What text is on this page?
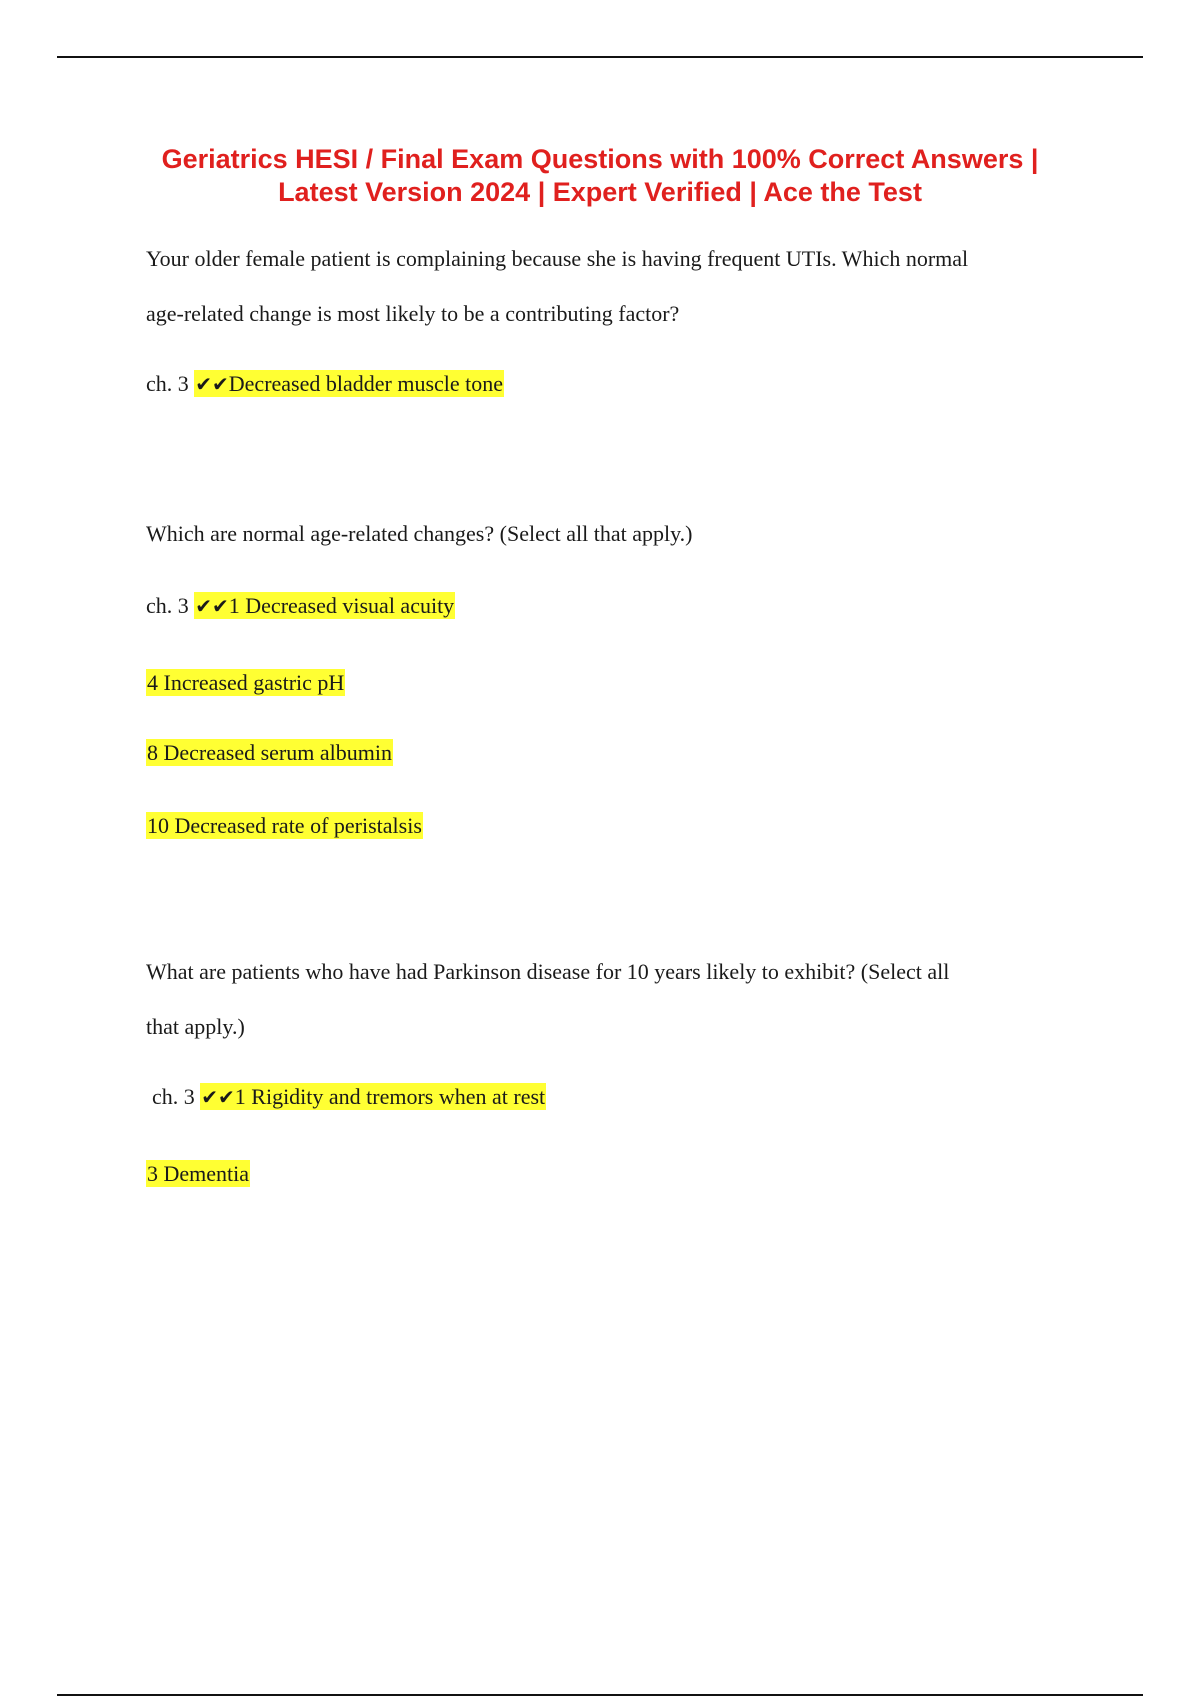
Geriatrics HESI / Final Exam Questions with 100% Correct Answers |
Latest Version 2024 | Expert Verified | Ace the Test
Your older female patient is complaining because she is having frequent UTIs. Which normal
age-related change is most likely to be a contributing factor?
ch. 3 ✔✔Decreased bladder muscle tone
Which are normal age-related changes? (Select all that apply.)
ch. 3 ✔✔1 Decreased visual acuity
4 Increased gastric pH
8 Decreased serum albumin
10 Decreased rate of peristalsis
What are patients who have had Parkinson disease for 10 years likely to exhibit? (Select all
that apply.)
ch. 3 ✔✔1 Rigidity and tremors when at rest
3 Dementia
